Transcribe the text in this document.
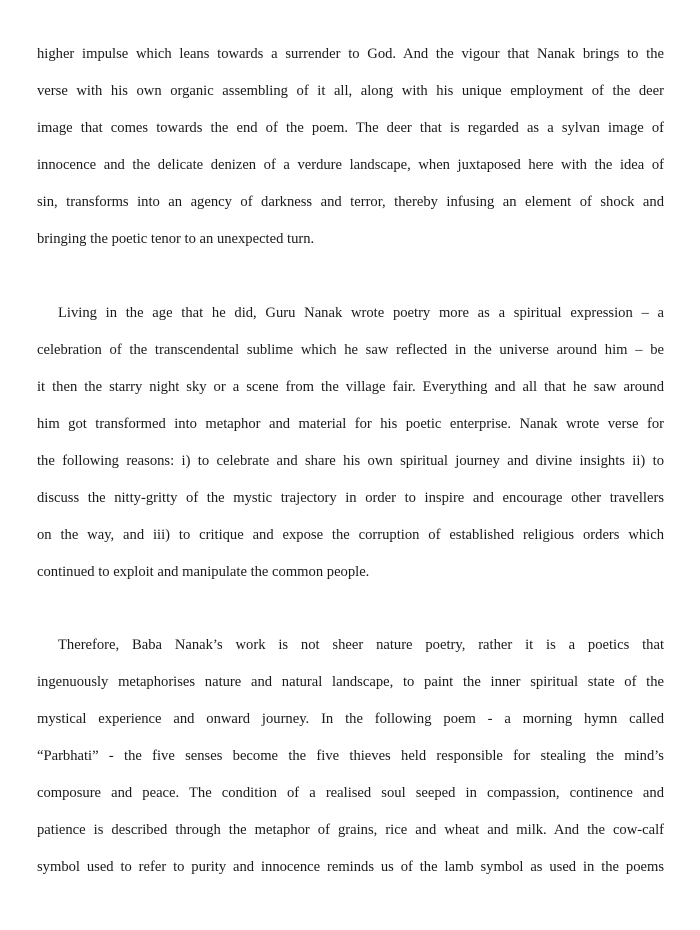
higher impulse which leans towards a surrender to God. And the vigour that Nanak brings to the
verse with his own organic assembling of it all, along with his unique employment of the deer
image that comes towards the end of the poem. The deer that is regarded as a sylvan image of
innocence and the delicate denizen of a verdure landscape, when juxtaposed here with the idea of
sin, transforms into an agency of darkness and terror, thereby infusing an element of shock and
bringing the poetic tenor to an unexpected turn.
Living in the age that he did, Guru Nanak wrote poetry more as a spiritual expression – a
celebration of the transcendental sublime which he saw reflected in the universe around him – be
it then the starry night sky or a scene from the village fair. Everything and all that he saw around
him got transformed into metaphor and material for his poetic enterprise. Nanak wrote verse for
the following reasons: i) to celebrate and share his own spiritual journey and divine insights ii) to
discuss the nitty-gritty of the mystic trajectory in order to inspire and encourage other travellers
on the way, and iii) to critique and expose the corruption of established religious orders which
continued to exploit and manipulate the common people.
Therefore, Baba Nanak’s work is not sheer nature poetry, rather it is a poetics that
ingenuously metaphorises nature and natural landscape, to paint the inner spiritual state of the
mystical experience and onward journey. In the following poem - a morning hymn called
“Parbhati” - the five senses become the five thieves held responsible for stealing the mind’s
composure and peace. The condition of a realised soul seeped in compassion, continence and
patience is described through the metaphor of grains, rice and wheat and milk. And the cow-calf
symbol used to refer to purity and innocence reminds us of the lamb symbol as used in the poems
